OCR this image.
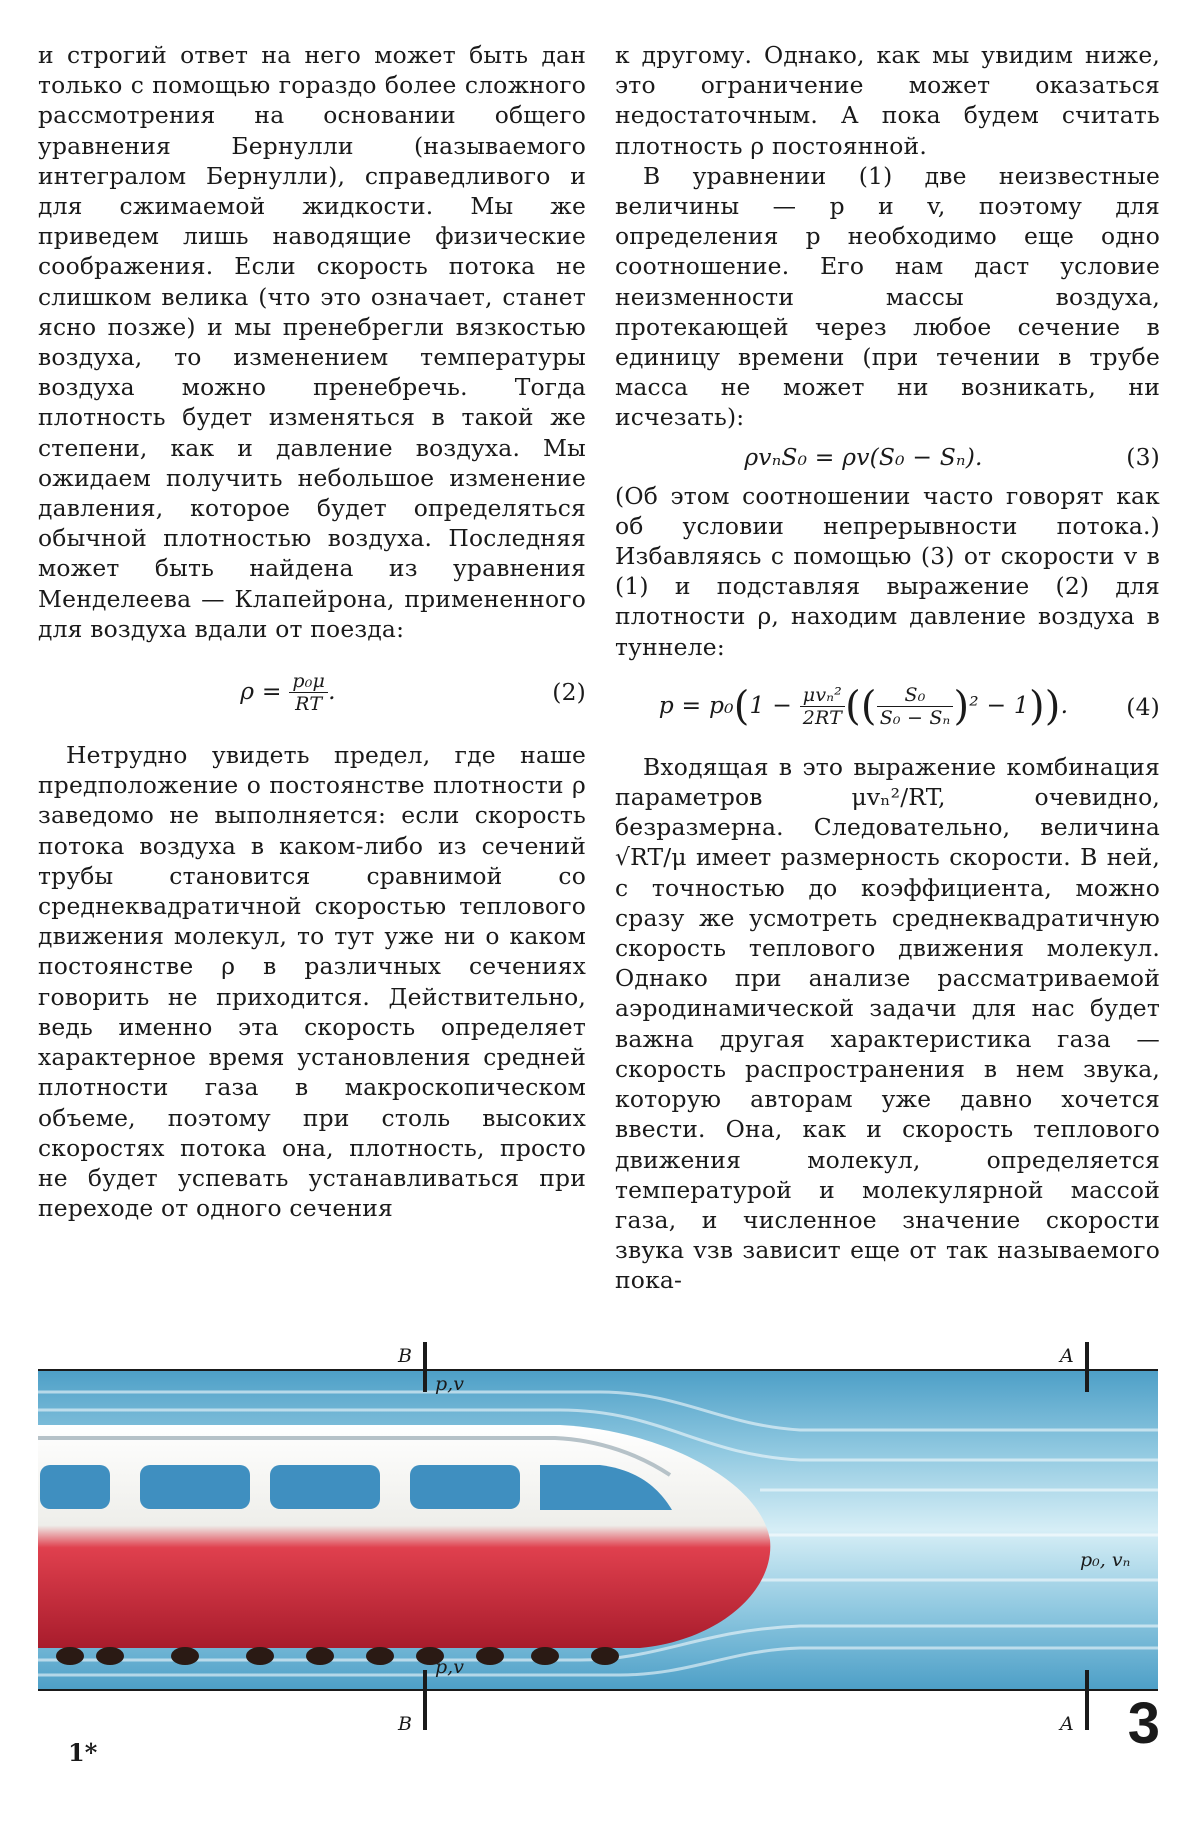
и строгий ответ на него может быть дан только с помощью гораздо более сложного рассмотрения на основании общего уравнения Бернулли (называемого интегралом Бернулли), справедливого и для сжимаемой жидкости. Мы же приведем лишь наводящие физические соображения. Если скорость потока не слишком велика (что это означает, станет ясно позже) и мы пренебрегли вязкостью воздуха, то изменением температуры воздуха можно пренебречь. Тогда плотность будет изменяться в такой же степени, как и давление воздуха. Мы ожидаем получить небольшое изменение давления, которое будет определяться обычной плотностью воздуха. Последняя может быть найдена из уравнения Менделеева — Клапейрона, примененного для воздуха вдали от поезда:

$\rho = \frac{\text{p₀μ}}{RT}$ .	(2)

Нетрудно увидеть предел, где наше предположение о постоянстве плотности ρ заведомо не выполняется: если скорость потока воздуха в каком-либо из сечений трубы становится сравнимой со среднеквадратичной скоростью теплового движения молекул, то тут уже ни о каком постоянстве ρ в различных сечениях говорить не приходится. Действительно, ведь именно эта скорость определяет характерное время установления средней плотности газа в макроскопическом объеме, поэтому при столь высоких скоростях потока она, плотность, просто не будет успевать устанавливаться при переходе от одного сечения

к другому. Однако, как мы увидим ниже, это ограничение может оказаться недостаточным. А пока будем считать плотность ρ постоянной.

В уравнении (1) две неизвестные величины — p и v, поэтому для определения p необходимо еще одно соотношение. Его нам даст условие неизменности массы воздуха, протекающей через любое сечение в единицу времени (при течении в трубе масса не может ни возникать, ни исчезать):

ρvₙS₀ = ρv(S₀ − Sₙ).	(3)

(Об этом соотношении часто говорят как об условии непрерывности потока.) Избавляясь с помощью (3) от скорости v в (1) и подставляя выражение (2) для плотности ρ, находим давление воздуха в туннеле:

$p = p_0(1 - \frac{\text{μvₙ²}}{2RT}$ (( $\frac{\text{S₀}}{\text{S₀ − Sₙ}} )^2 - 1$)).	(4)

Входящая в это выражение комбинация параметров μvₙ²/RT, очевидно, безразмерна. Следовательно, величина √RT/μ имеет размерность скорости. В ней, с точностью до коэффициента, можно сразу же усмотреть среднеквадратичную скорость теплового движения молекул. Однако при анализе рассматриваемой аэродинамической задачи для нас будет важна другая характеристика газа — скорость распространения в нем звука, которую авторам уже давно хочется ввести. Она, как и скорость теплового движения молекул, определяется температурой и молекулярной массой газа, и численное значение скорости звука vзв зависит еще от так называемого пока-

B	A
B	A
p,v
p,v
p₀, vₙ
1*	3
